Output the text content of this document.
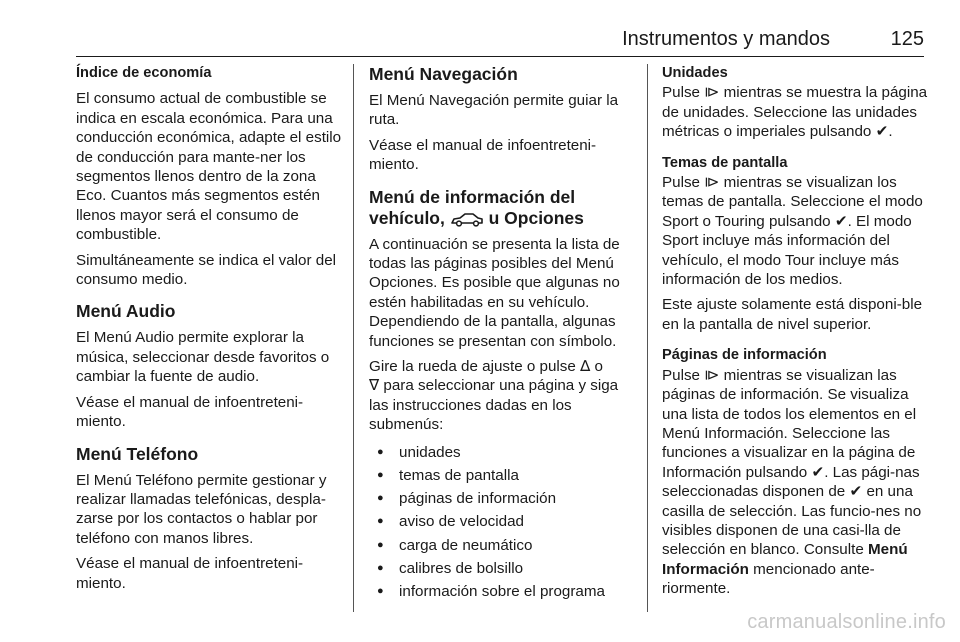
Instrumentos y mandos	125

Índice de economía

El consumo actual de combustible se indica en escala económica. Para una conducción económica, adapte el estilo de conducción para mante-ner los segmentos llenos dentro de la zona Eco. Cuantos más segmentos estén llenos mayor será el consumo de combustible.

Simultáneamente se indica el valor del consumo medio.

Menú Audio

El Menú Audio permite explorar la música, seleccionar desde favoritos o cambiar la fuente de audio.

Véase el manual de infoentreteni-miento.

Menú Teléfono

El Menú Teléfono permite gestionar y realizar llamadas telefónicas, despla-zarse por los contactos o hablar por teléfono con manos libres.

Véase el manual de infoentreteni-miento.

Menú Navegación

El Menú Navegación permite guiar la ruta.

Véase el manual de infoentreteni-miento.

Menú de información del
vehículo,	u Opciones

A continuación se presenta la lista de todas las páginas posibles del Menú Opciones. Es posible que algunas no estén habilitadas en su vehículo. Dependiendo de la pantalla, algunas funciones se presentan con símbolo.

Gire la rueda de ajuste o pulse ∆ o
∇ para seleccionar una página y siga las instrucciones dadas en los submenús:

● unidades
● temas de pantalla
● páginas de información
● aviso de velocidad
● carga de neumático
● calibres de bolsillo
● información sobre el programa

Unidades

Pulse ⧐ mientras se muestra la página de unidades. Seleccione las unidades métricas o imperiales pulsando ✔.

Temas de pantalla

Pulse ⧐ mientras se visualizan los temas de pantalla. Seleccione el modo Sport o Touring pulsando ✔. El modo Sport incluye más información del vehículo, el modo Tour incluye más información de los medios.

Este ajuste solamente está disponi-ble en la pantalla de nivel superior.

Páginas de información

Pulse ⧐ mientras se visualizan las páginas de información. Se visualiza una lista de todos los elementos en el Menú Información. Seleccione las funciones a visualizar en la página de Información pulsando ✔. Las pági-nas seleccionadas disponen de ✔ en una casilla de selección. Las funcio-nes no visibles disponen de una casi-lla de selección en blanco. Consulte Menú Información mencionado ante-riormente.

carmanualsonline.info
